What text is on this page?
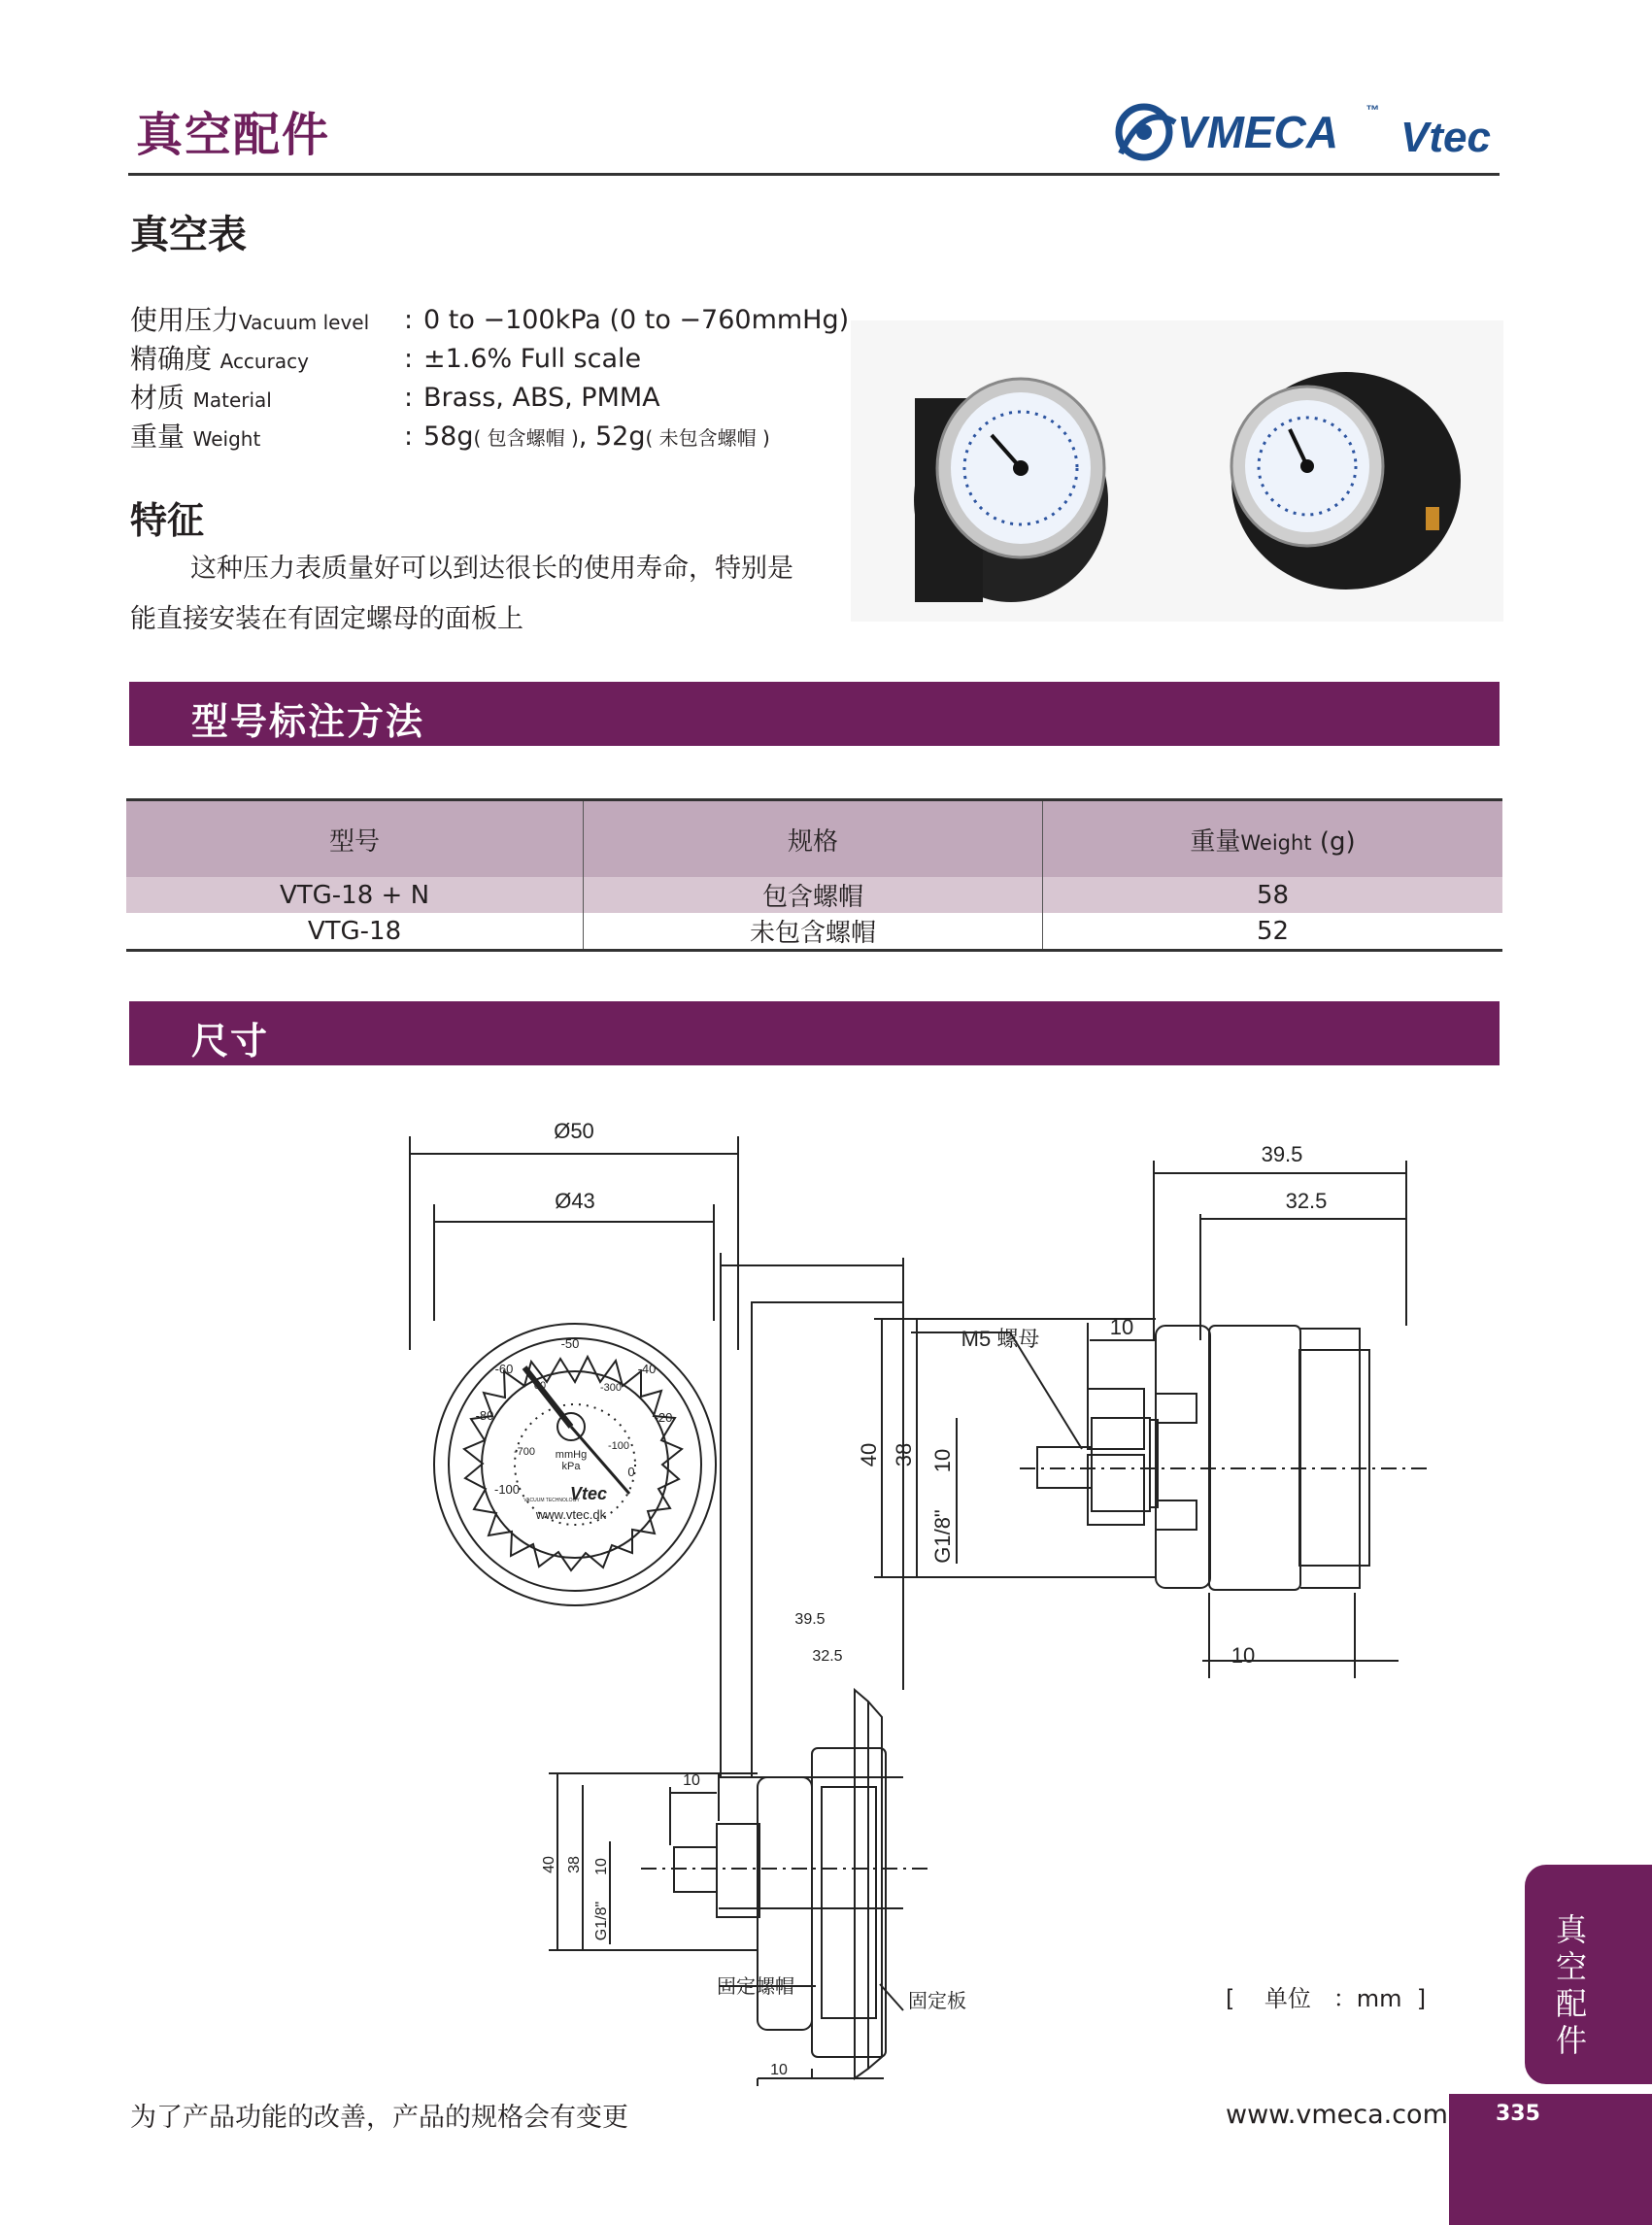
真空配件	VMECA ™
Vtec
真空表
使用压力Vacuum level : 0 to −100kPa (0 to −760mmHg)
精确度 Accuracy	: ±1.6% Full scale
材质 Material	: Brass, ABS, PMMA
重量 Weight	: 58g( 包含螺帽 ), 52g( 未包含螺帽 )
特征
这种压力表质量好可以到达很长的使用寿命，特别是能直接安装在有固定螺母的面板上
型号标注方法
型号	规格	重量Weight (g)
VTG-18 + N	包含螺帽	58
VTG-18	未包含螺帽	52
尺寸
Ø50
Ø43
39.5
32.5
10
M5 螺母
10
40 38 10
G1/8"
39.5
32.5
10
10
40 38 10
G1/8"
固定螺帽
固定板
-100
-80
-60
-50
-40
-20
0
-700
-300
-100
00
mmHg
kPa
Vtec
VACUUM TECHNOLOGY
www.vtec.dk
[    单位   ：mm  ]
为了产品功能的改善，产品的规格会有变更	www.vmeca.com
真空配件
335
